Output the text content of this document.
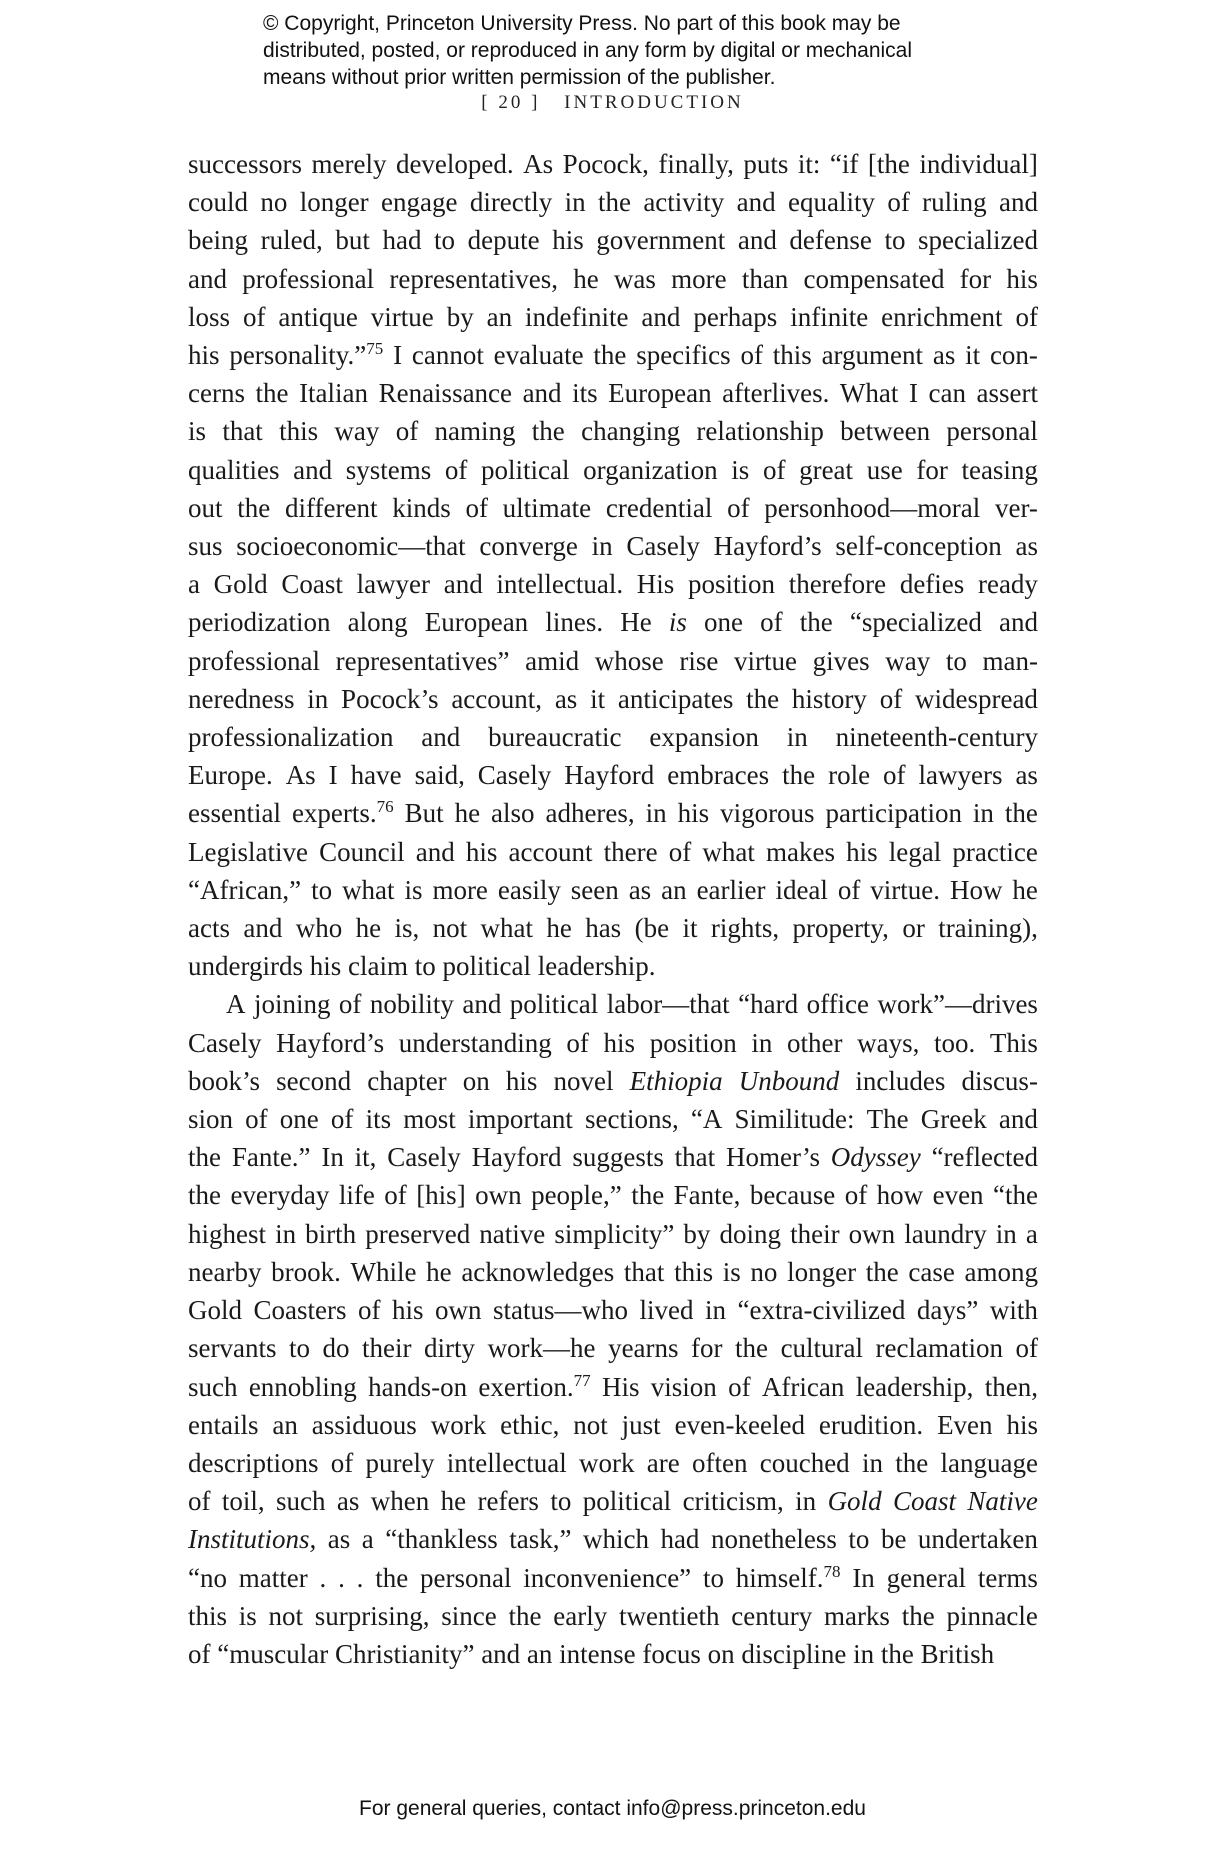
© Copyright, Princeton University Press. No part of this book may be
distributed, posted, or reproduced in any form by digital or mechanical
means without prior written permission of the publisher.
[ 20 ] INTRODUCTION
successors merely developed. As Pocock, finally, puts it: “if [the individual]
could no longer engage directly in the activity and equality of ruling and
being ruled, but had to depute his government and defense to specialized
and professional representatives, he was more than compensated for his
loss of antique virtue by an indefinite and perhaps infinite enrichment of
his personality.”$^{75}$ I cannot evaluate the specifics of this argument as it con-
cerns the Italian Renaissance and its European afterlives. What I can assert
is that this way of naming the changing relationship between personal
qualities and systems of political organization is of great use for teasing
out the different kinds of ultimate credential of personhood—moral ver-
sus socioeconomic—that converge in Casely Hayford’s self-conception as
a Gold Coast lawyer and intellectual. His position therefore defies ready
periodization along European lines. He is one of the “specialized and
professional representatives” amid whose rise virtue gives way to man-
neredness in Pocock’s account, as it anticipates the history of widespread
professionalization and bureaucratic expansion in nineteenth-century
Europe. As I have said, Casely Hayford embraces the role of lawyers as
essential experts.$^{76}$ But he also adheres, in his vigorous participation in the
Legislative Council and his account there of what makes his legal practice
“African,” to what is more easily seen as an earlier ideal of virtue. How he
acts and who he is, not what he has (be it rights, property, or training),
undergirds his claim to political leadership.
A joining of nobility and political labor—that “hard office work”—drives
Casely Hayford’s understanding of his position in other ways, too. This
book’s second chapter on his novel Ethiopia Unbound includes discus-
sion of one of its most important sections, “A Similitude: The Greek and
the Fante.” In it, Casely Hayford suggests that Homer’s Odyssey “reflected
the everyday life of [his] own people,” the Fante, because of how even “the
highest in birth preserved native simplicity” by doing their own laundry in a
nearby brook. While he acknowledges that this is no longer the case among
Gold Coasters of his own status—who lived in “extra-civilized days” with
servants to do their dirty work—he yearns for the cultural reclamation of
such ennobling hands-on exertion.$^{77}$ His vision of African leadership, then,
entails an assiduous work ethic, not just even-keeled erudition. Even his
descriptions of purely intellectual work are often couched in the language
of toil, such as when he refers to political criticism, in Gold Coast Native
Institutions, as a “thankless task,” which had nonetheless to be undertaken
“no matter . . . the personal inconvenience” to himself.$^{78}$ In general terms
this is not surprising, since the early twentieth century marks the pinnacle
of “muscular Christianity” and an intense focus on discipline in the British
For general queries, contact info@press.princeton.edu
